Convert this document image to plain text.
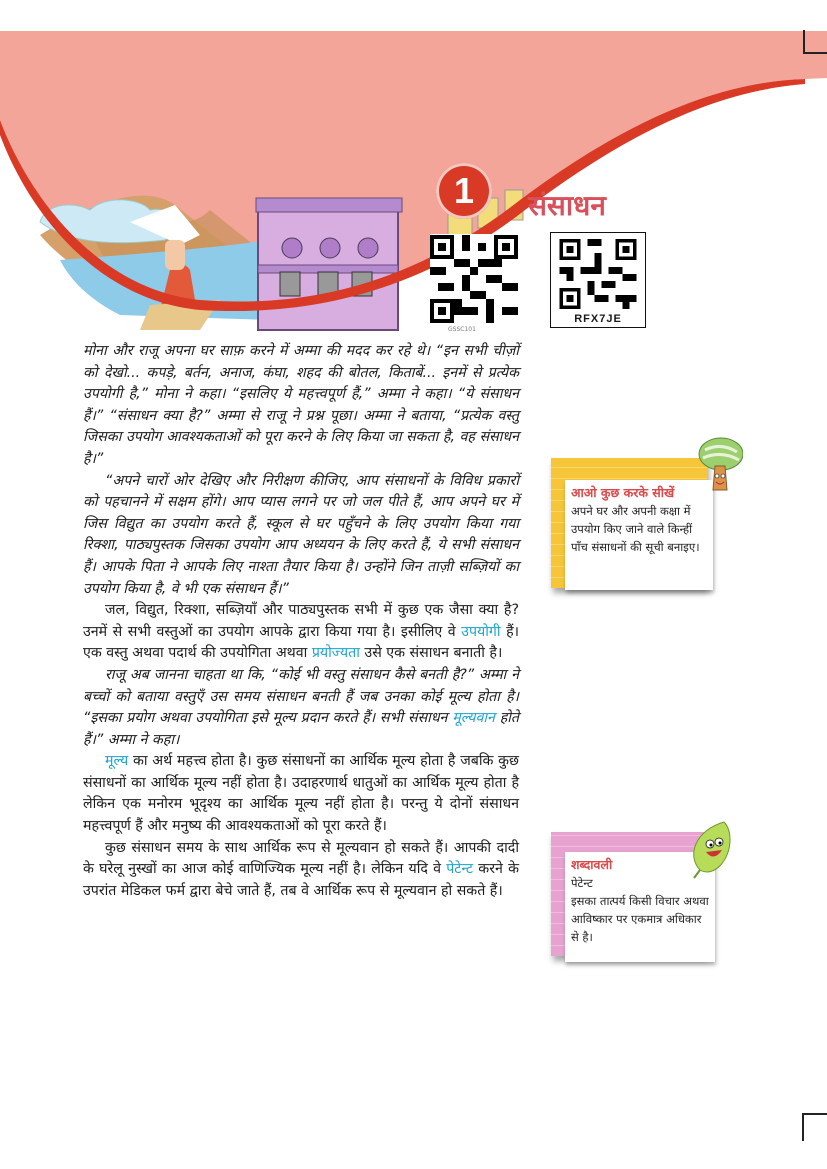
1	संसाधन
GSSC101
RFX7JE

मोना और राजू अपना घर साफ़ करने में अम्मा की मदद कर रहे थे। “इन सभी चीज़ों को देखो... कपड़े, बर्तन, अनाज, कंघा, शहद की बोतल, किताबें... इनमें से प्रत्येक उपयोगी है,” मोना ने कहा। “इसलिए ये महत्त्वपूर्ण हैं,” अम्मा ने कहा। “ये संसाधन हैं।” “संसाधन क्या है?” अम्मा से राजू ने प्रश्न पूछा। अम्मा ने बताया, “प्रत्येक वस्तु जिसका उपयोग आवश्यकताओं को पूरा करने के लिए किया जा सकता है, वह संसाधन है।”

“अपने चारों ओर देखिए और निरीक्षण कीजिए, आप संसाधनों के विविध प्रकारों को पहचानने में सक्षम होंगे। आप प्यास लगने पर जो जल पीते हैं, आप अपने घर में जिस विद्युत का उपयोग करते हैं, स्कूल से घर पहुँचने के लिए उपयोग किया गया रिक्शा, पाठ्यपुस्तक जिसका उपयोग आप अध्ययन के लिए करते हैं, ये सभी संसाधन हैं। आपके पिता ने आपके लिए नाश्ता तैयार किया है। उन्होंने जिन ताज़ी सब्ज़ियों का उपयोग किया है, वे भी एक संसाधन हैं।”

जल, विद्युत, रिक्शा, सब्ज़ियाँ और पाठ्यपुस्तक सभी में कुछ एक जैसा क्या है? उनमें से सभी वस्तुओं का उपयोग आपके द्वारा किया गया है। इसीलिए वे उपयोगी हैं। एक वस्तु अथवा पदार्थ की उपयोगिता अथवा प्रयोज्यता उसे एक संसाधन बनाती है।

राजू अब जानना चाहता था कि, “कोई भी वस्तु संसाधन कैसे बनती है?” अम्मा ने बच्चों को बताया वस्तुएँ उस समय संसाधन बनती हैं जब उनका कोई मूल्य होता है। “इसका प्रयोग अथवा उपयोगिता इसे मूल्य प्रदान करते हैं। सभी संसाधन मूल्यवान होते हैं।” अम्मा ने कहा।

मूल्य का अर्थ महत्त्व होता है। कुछ संसाधनों का आर्थिक मूल्य होता है जबकि कुछ संसाधनों का आर्थिक मूल्य नहीं होता है। उदाहरणार्थ धातुओं का आर्थिक मूल्य होता है लेकिन एक मनोरम भूदृश्य का आर्थिक मूल्य नहीं होता है। परन्तु ये दोनों संसाधन महत्त्वपूर्ण हैं और मनुष्य की आवश्यकताओं को पूरा करते हैं।

कुछ संसाधन समय के साथ आर्थिक रूप से मूल्यवान हो सकते हैं। आपकी दादी के घरेलू नुस्खों का आज कोई वाणिज्यिक मूल्य नहीं है। लेकिन यदि वे पेटेन्ट करने के उपरांत मेडिकल फर्म द्वारा बेचे जाते हैं, तब वे आर्थिक रूप से मूल्यवान हो सकते हैं।

आओ कुछ करके सीखें
अपने घर और अपनी कक्षा में उपयोग किए जाने वाले किन्हीं पाँच संसाधनों की सूची बनाइए।
शब्दावली
पेटेन्ट
इसका तात्पर्य किसी विचार अथवा आविष्कार पर एकमात्र अधिकार से है।
